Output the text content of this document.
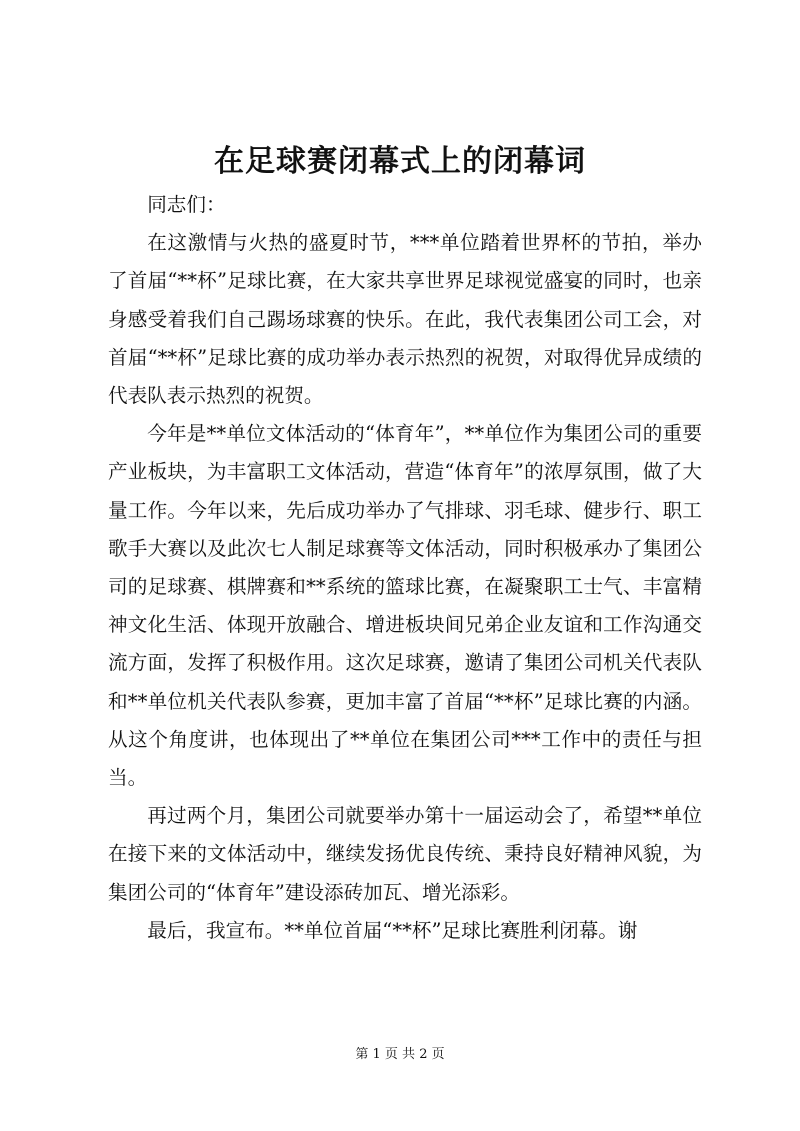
在足球赛闭幕式上的闭幕词

同志们：

在这激情与火热的盛夏时节，***单位踏着世界杯的节拍，举办了首届“**杯”足球比赛，在大家共享世界足球视觉盛宴的同时，也亲身感受着我们自己踢场球赛的快乐。在此，我代表集团公司工会，对首届“**杯”足球比赛的成功举办表示热烈的祝贺，对取得优异成绩的代表队表示热烈的祝贺。

今年是**单位文体活动的“体育年”，**单位作为集团公司的重要产业板块，为丰富职工文体活动，营造“体育年”的浓厚氛围，做了大量工作。今年以来，先后成功举办了气排球、羽毛球、健步行、职工歌手大赛以及此次七人制足球赛等文体活动，同时积极承办了集团公司的足球赛、棋牌赛和**系统的篮球比赛，在凝聚职工士气、丰富精神文化生活、体现开放融合、增进板块间兄弟企业友谊和工作沟通交流方面，发挥了积极作用。这次足球赛，邀请了集团公司机关代表队和**单位机关代表队参赛，更加丰富了首届“**杯”足球比赛的内涵。从这个角度讲，也体现出了**单位在集团公司***工作中的责任与担当。

再过两个月，集团公司就要举办第十一届运动会了，希望**单位在接下来的文体活动中，继续发扬优良传统、秉持良好精神风貌，为集团公司的“体育年”建设添砖加瓦、增光添彩。

最后，我宣布。**单位首届“**杯”足球比赛胜利闭幕。谢

第 1 页 共 2 页
